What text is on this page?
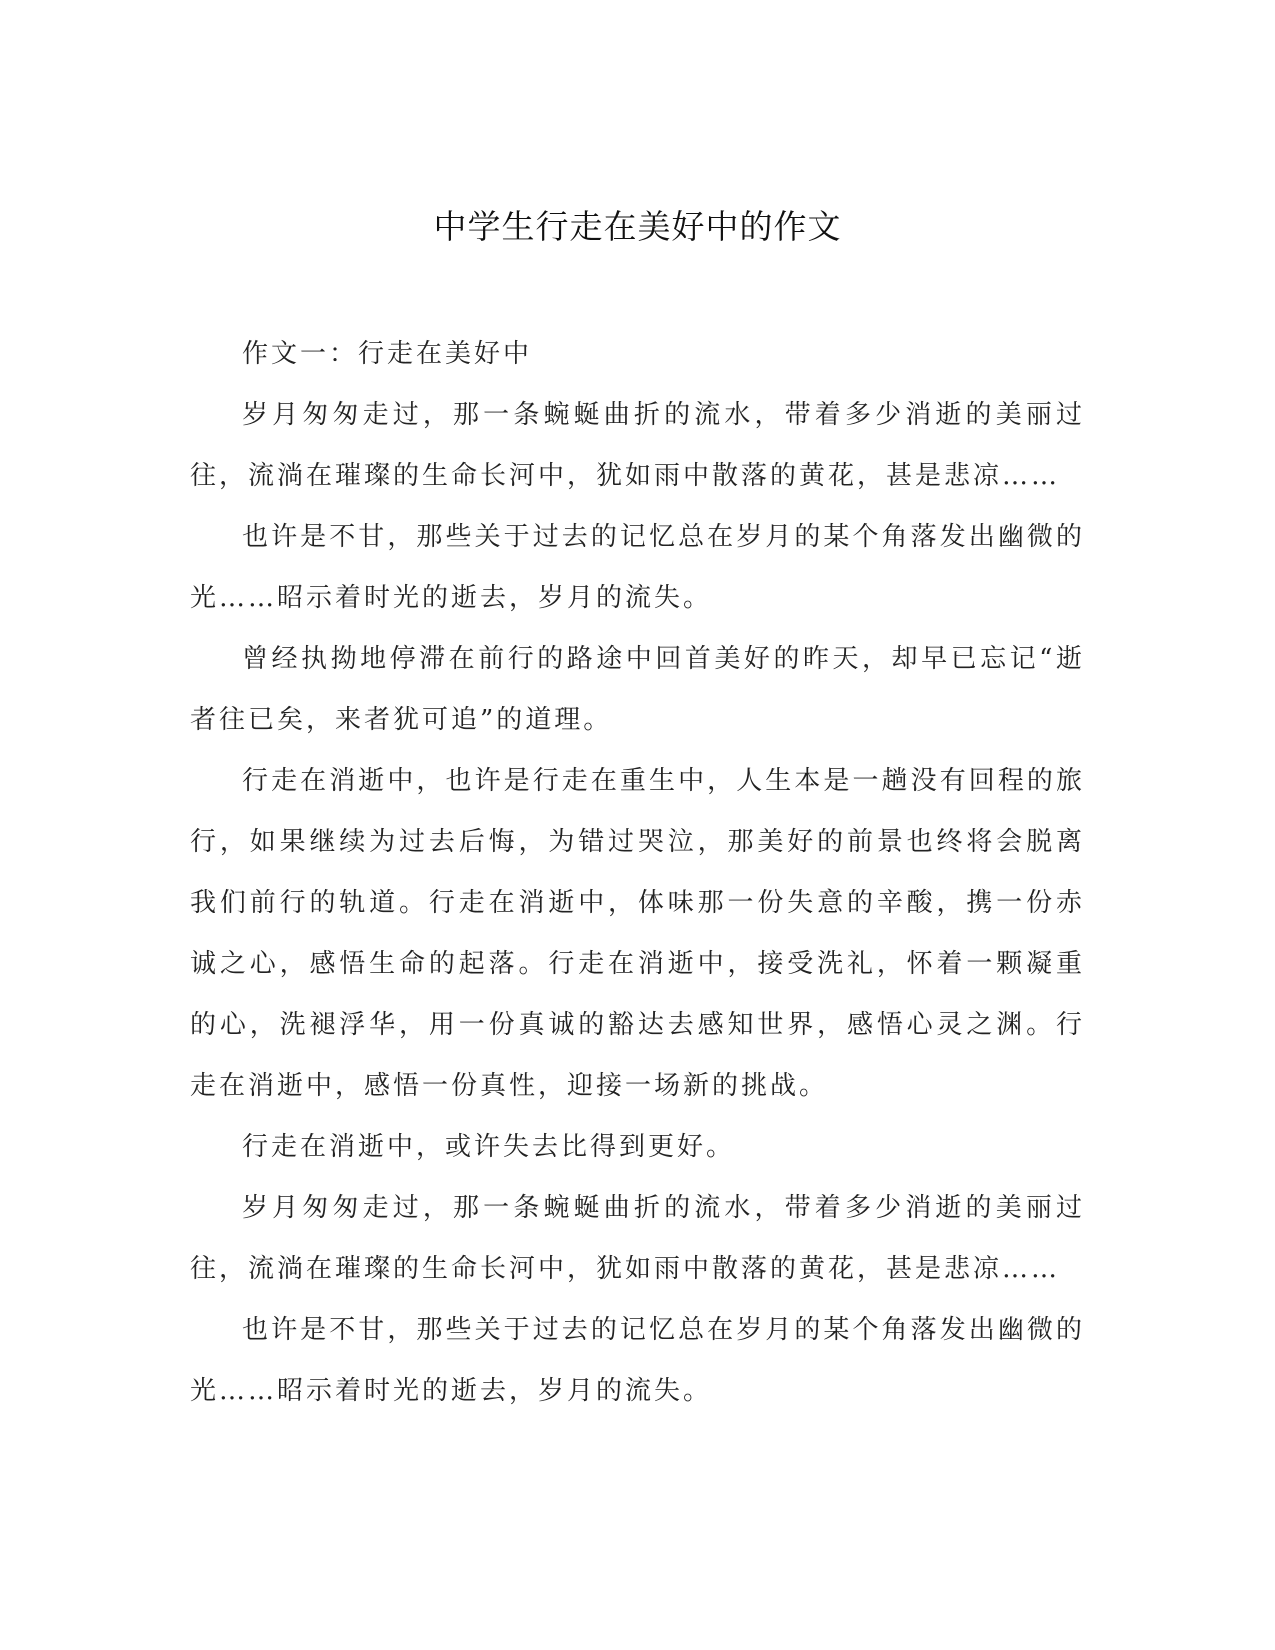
中学生行走在美好中的作文

作文一：行走在美好中

岁月匆匆走过，那一条蜿蜒曲折的流水，带着多少消逝的美丽过往，流淌在璀璨的生命长河中，犹如雨中散落的黄花，甚是悲凉……

也许是不甘，那些关于过去的记忆总在岁月的某个角落发出幽微的光……昭示着时光的逝去，岁月的流失。

曾经执拗地停滞在前行的路途中回首美好的昨天，却早已忘记“逝者往已矣，来者犹可追”的道理。

行走在消逝中，也许是行走在重生中，人生本是一趟没有回程的旅行，如果继续为过去后悔，为错过哭泣，那美好的前景也终将会脱离我们前行的轨道。行走在消逝中，体味那一份失意的辛酸，携一份赤诚之心，感悟生命的起落。行走在消逝中，接受洗礼，怀着一颗凝重的心，洗褪浮华，用一份真诚的豁达去感知世界，感悟心灵之渊。行走在消逝中，感悟一份真性，迎接一场新的挑战。

行走在消逝中，或许失去比得到更好。

岁月匆匆走过，那一条蜿蜒曲折的流水，带着多少消逝的美丽过往，流淌在璀璨的生命长河中，犹如雨中散落的黄花，甚是悲凉……

也许是不甘，那些关于过去的记忆总在岁月的某个角落发出幽微的光……昭示着时光的逝去，岁月的流失。
